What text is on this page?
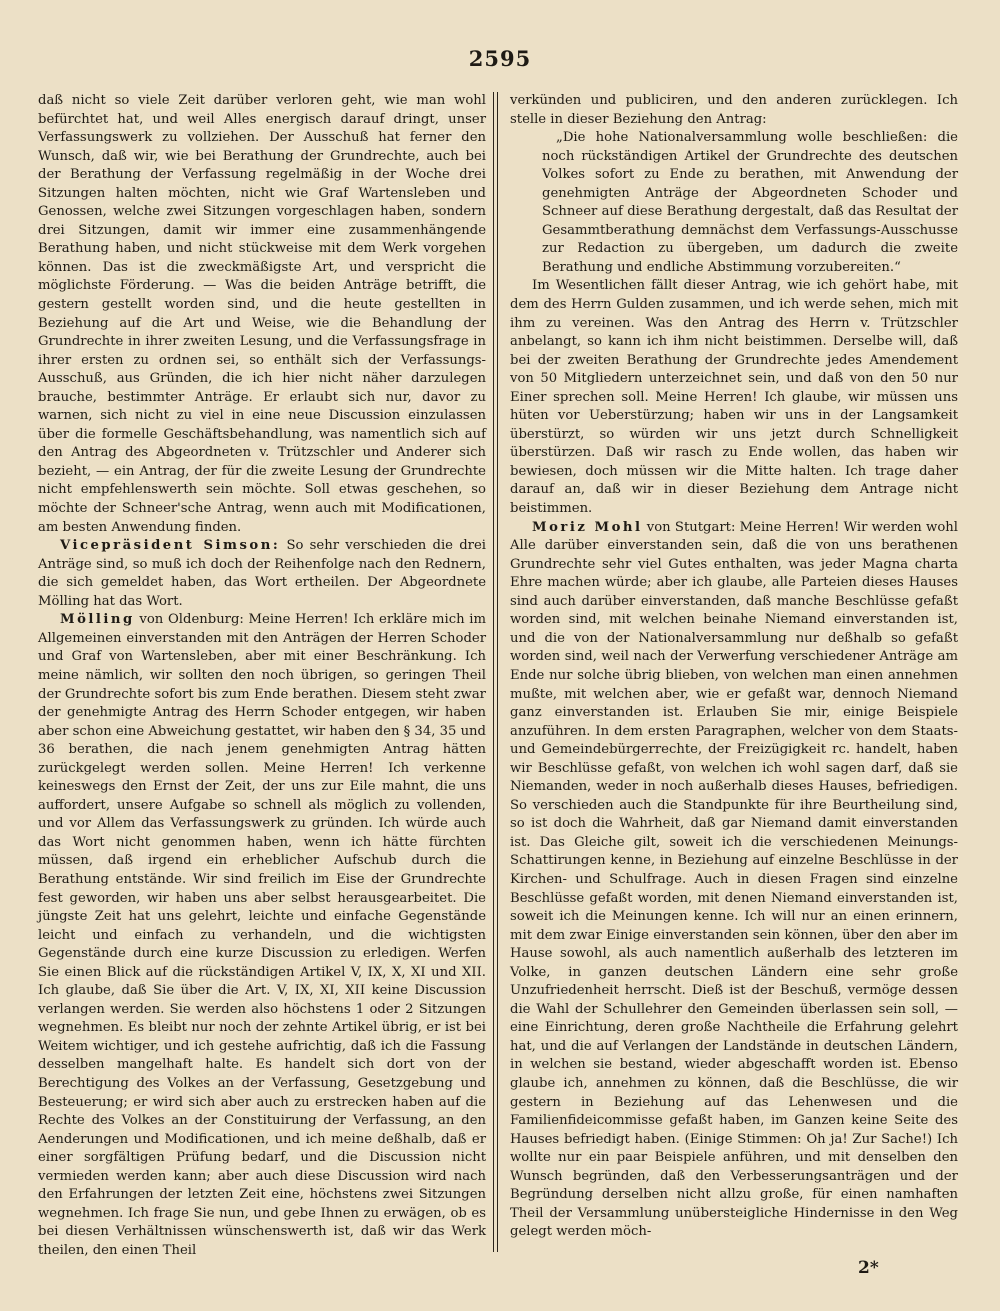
2595

daß nicht so viele Zeit darüber verloren geht, wie man wohl befürchtet hat, und weil Alles energisch darauf dringt, unser Verfassungswerk zu vollziehen. Der Ausschuß hat ferner den Wunsch, daß wir, wie bei Berathung der Grundrechte, auch bei der Berathung der Verfassung regelmäßig in der Woche drei Sitzungen halten möchten, nicht wie Graf Wartensleben und Genossen, welche zwei Sitzungen vorgeschlagen haben, sondern drei Sitzungen, damit wir immer eine zusammenhängende Berathung haben, und nicht stückweise mit dem Werk vorgehen können. Das ist die zweckmäßigste Art, und verspricht die möglichste Förderung. — Was die beiden Anträge betrifft, die gestern gestellt worden sind, und die heute gestellten in Beziehung auf die Art und Weise, wie die Behandlung der Grundrechte in ihrer zweiten Lesung, und die Verfassungsfrage in ihrer ersten zu ordnen sei, so enthält sich der Verfassungs-Ausschuß, aus Gründen, die ich hier nicht näher darzulegen brauche, bestimmter Anträge. Er erlaubt sich nur, davor zu warnen, sich nicht zu viel in eine neue Discussion einzulassen über die formelle Geschäftsbehandlung, was namentlich sich auf den Antrag des Abgeordneten v. Trützschler und Anderer sich bezieht, — ein Antrag, der für die zweite Lesung der Grundrechte nicht empfehlenswerth sein möchte. Soll etwas geschehen, so möchte der Schneer'sche Antrag, wenn auch mit Modificationen, am besten Anwendung finden.

Vicepräsident Simson: So sehr verschieden die drei Anträge sind, so muß ich doch der Reihenfolge nach den Rednern, die sich gemeldet haben, das Wort ertheilen. Der Abgeordnete Mölling hat das Wort.

Mölling von Oldenburg: Meine Herren! Ich erkläre mich im Allgemeinen einverstanden mit den Anträgen der Herren Schoder und Graf von Wartensleben, aber mit einer Beschränkung. Ich meine nämlich, wir sollten den noch übrigen, so geringen Theil der Grundrechte sofort bis zum Ende berathen. Diesem steht zwar der genehmigte Antrag des Herrn Schoder entgegen, wir haben aber schon eine Abweichung gestattet, wir haben den § 34, 35 und 36 berathen, die nach jenem genehmigten Antrag hätten zurückgelegt werden sollen. Meine Herren! Ich verkenne keineswegs den Ernst der Zeit, der uns zur Eile mahnt, die uns auffordert, unsere Aufgabe so schnell als möglich zu vollenden, und vor Allem das Verfassungswerk zu gründen. Ich würde auch das Wort nicht genommen haben, wenn ich hätte fürchten müssen, daß irgend ein erheblicher Aufschub durch die Berathung entstände. Wir sind freilich im Eise der Grundrechte fest geworden, wir haben uns aber selbst herausgearbeitet. Die jüngste Zeit hat uns gelehrt, leichte und einfache Gegenstände leicht und einfach zu verhandeln, und die wichtigsten Gegenstände durch eine kurze Discussion zu erledigen. Werfen Sie einen Blick auf die rückständigen Artikel V, IX, X, XI und XII. Ich glaube, daß Sie über die Art. V, IX, XI, XII keine Discussion verlangen werden. Sie werden also höchstens 1 oder 2 Sitzungen wegnehmen. Es bleibt nur noch der zehnte Artikel übrig, er ist bei Weitem wichtiger, und ich gestehe aufrichtig, daß ich die Fassung desselben mangelhaft halte. Es handelt sich dort von der Berechtigung des Volkes an der Verfassung, Gesetzgebung und Besteuerung; er wird sich aber auch zu erstrecken haben auf die Rechte des Volkes an der Constituirung der Verfassung, an den Aenderungen und Modificationen, und ich meine deßhalb, daß er einer sorgfältigen Prüfung bedarf, und die Discussion nicht vermieden werden kann; aber auch diese Discussion wird nach den Erfahrungen der letzten Zeit eine, höchstens zwei Sitzungen wegnehmen. Ich frage Sie nun, und gebe Ihnen zu erwägen, ob es bei diesen Verhältnissen wünschenswerth ist, daß wir das Werk theilen, den einen Theil

verkünden und publiciren, und den anderen zurücklegen. Ich stelle in dieser Beziehung den Antrag:

„Die hohe Nationalversammlung wolle beschließen: die noch rückständigen Artikel der Grundrechte des deutschen Volkes sofort zu Ende zu berathen, mit Anwendung der genehmigten Anträge der Abgeordneten Schoder und Schneer auf diese Berathung dergestalt, daß das Resultat der Gesammtberathung demnächst dem Verfassungs-Ausschusse zur Redaction zu übergeben, um dadurch die zweite Berathung und endliche Abstimmung vorzubereiten.“

Im Wesentlichen fällt dieser Antrag, wie ich gehört habe, mit dem des Herrn Gulden zusammen, und ich werde sehen, mich mit ihm zu vereinen. Was den Antrag des Herrn v. Trützschler anbelangt, so kann ich ihm nicht beistimmen. Derselbe will, daß bei der zweiten Berathung der Grundrechte jedes Amendement von 50 Mitgliedern unterzeichnet sein, und daß von den 50 nur Einer sprechen soll. Meine Herren! Ich glaube, wir müssen uns hüten vor Ueberstürzung; haben wir uns in der Langsamkeit überstürzt, so würden wir uns jetzt durch Schnelligkeit überstürzen. Daß wir rasch zu Ende wollen, das haben wir bewiesen, doch müssen wir die Mitte halten. Ich trage daher darauf an, daß wir in dieser Beziehung dem Antrage nicht beistimmen.

Moriz Mohl von Stutgart: Meine Herren! Wir werden wohl Alle darüber einverstanden sein, daß die von uns berathenen Grundrechte sehr viel Gutes enthalten, was jeder Magna charta Ehre machen würde; aber ich glaube, alle Parteien dieses Hauses sind auch darüber einverstanden, daß manche Beschlüsse gefaßt worden sind, mit welchen beinahe Niemand einverstanden ist, und die von der Nationalversammlung nur deßhalb so gefaßt worden sind, weil nach der Verwerfung verschiedener Anträge am Ende nur solche übrig blieben, von welchen man einen annehmen mußte, mit welchen aber, wie er gefaßt war, dennoch Niemand ganz einverstanden ist. Erlauben Sie mir, einige Beispiele anzuführen. In dem ersten Paragraphen, welcher von dem Staats- und Gemeindebürgerrechte, der Freizügigkeit rc. handelt, haben wir Beschlüsse gefaßt, von welchen ich wohl sagen darf, daß sie Niemanden, weder in noch außerhalb dieses Hauses, befriedigen. So verschieden auch die Standpunkte für ihre Beurtheilung sind, so ist doch die Wahrheit, daß gar Niemand damit einverstanden ist. Das Gleiche gilt, soweit ich die verschiedenen Meinungs-Schattirungen kenne, in Beziehung auf einzelne Beschlüsse in der Kirchen- und Schulfrage. Auch in diesen Fragen sind einzelne Beschlüsse gefaßt worden, mit denen Niemand einverstanden ist, soweit ich die Meinungen kenne. Ich will nur an einen erinnern, mit dem zwar Einige einverstanden sein können, über den aber im Hause sowohl, als auch namentlich außerhalb des letzteren im Volke, in ganzen deutschen Ländern eine sehr große Unzufriedenheit herrscht. Dieß ist der Beschuß, vermöge dessen die Wahl der Schullehrer den Gemeinden überlassen sein soll, — eine Einrichtung, deren große Nachtheile die Erfahrung gelehrt hat, und die auf Verlangen der Landstände in deutschen Ländern, in welchen sie bestand, wieder abgeschafft worden ist. Ebenso glaube ich, annehmen zu können, daß die Beschlüsse, die wir gestern in Beziehung auf das Lehenwesen und die Familienfideicommisse gefaßt haben, im Ganzen keine Seite des Hauses befriedigt haben. (Einige Stimmen: Oh ja! Zur Sache!) Ich wollte nur ein paar Beispiele anführen, und mit denselben den Wunsch begründen, daß den Verbesserungsanträgen und der Begründung derselben nicht allzu große, für einen namhaften Theil der Versammlung unübersteigliche Hindernisse in den Weg gelegt werden möch-

2*
